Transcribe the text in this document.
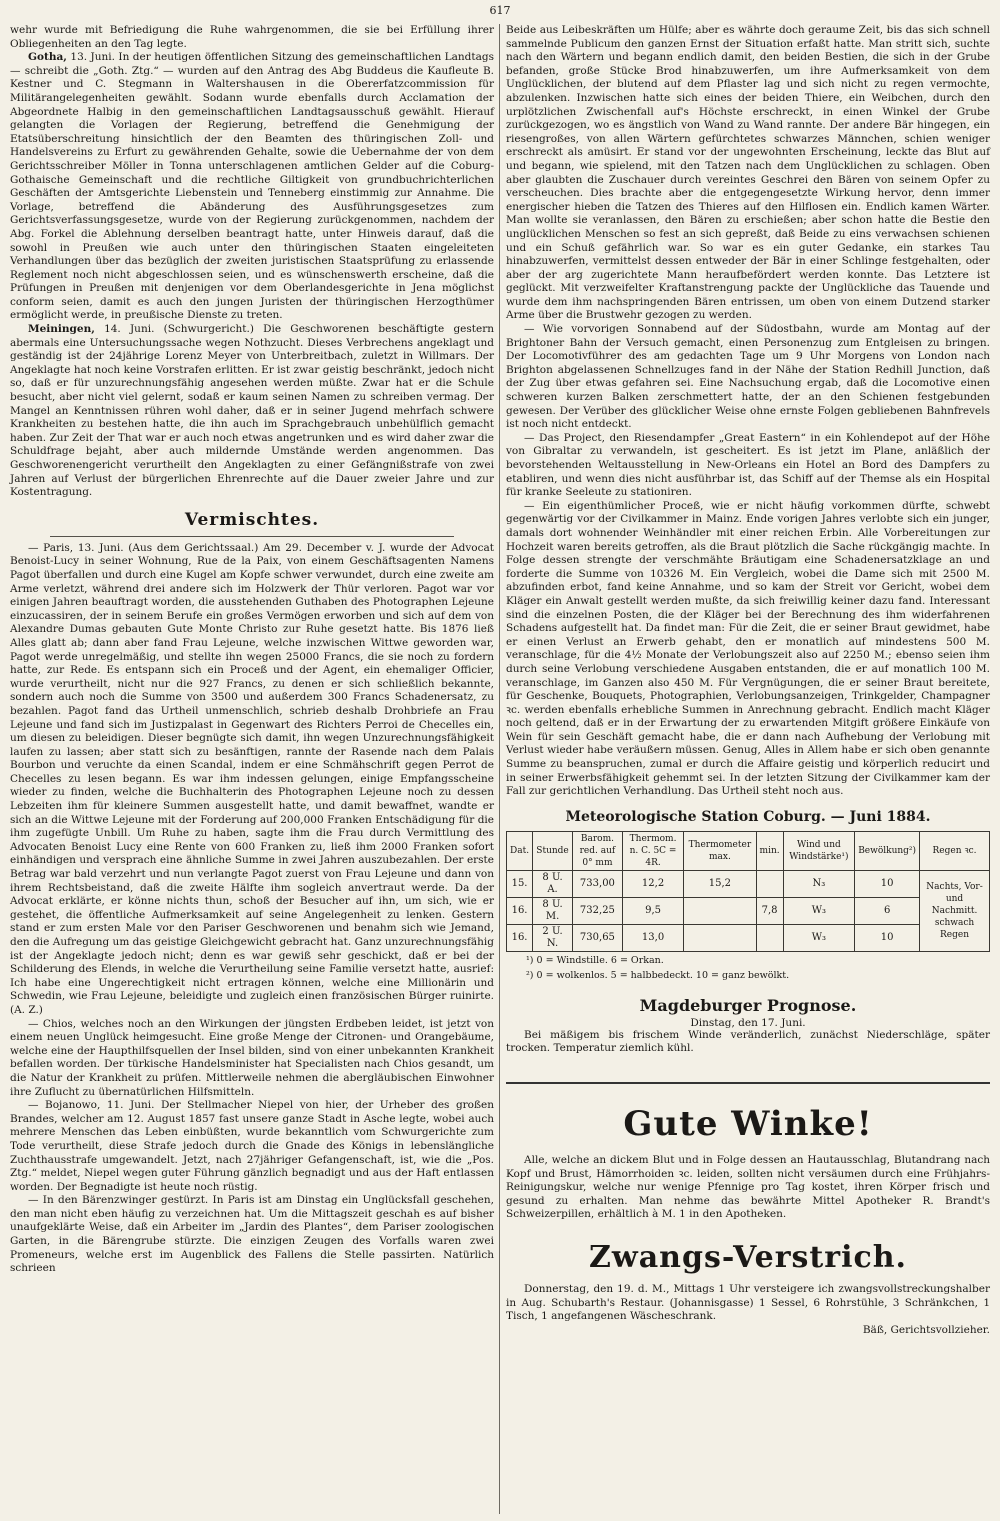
617

wehr wurde mit Befriedigung die Ruhe wahrgenommen, die sie bei Erfüllung ihrer Obliegenheiten an den Tag legte.

Gotha, 13. Juni. In der heutigen öffentlichen Sitzung des gemeinschaftlichen Landtags — schreibt die „Goth. Ztg.“ — wurden auf den Antrag des Abg Buddeus die Kaufleute B. Kestner und C. Stegmann in Waltershausen in die Obererfatzcommission für Militärangelegenheiten gewählt. Sodann wurde ebenfalls durch Acclamation der Abgeordnete Halbig in den gemeinschaftlichen Landtagsausschuß gewählt. Hierauf gelangten die Vorlagen der Regierung, betreffend die Genehmigung der Etatsüberschreitung hinsichtlich der den Beamten des thüringischen Zoll- und Handelsvereins zu Erfurt zu gewährenden Gehalte, sowie die Uebernahme der von dem Gerichtsschreiber Möller in Tonna unterschlagenen amtlichen Gelder auf die Coburg-Gothaische Gemeinschaft und die rechtliche Giltigkeit von grundbuchrichterlichen Geschäften der Amtsgerichte Liebenstein und Tenneberg einstimmig zur Annahme. Die Vorlage, betreffend die Abänderung des Ausführungsgesetzes zum Gerichtsverfassungsgesetze, wurde von der Regierung zurückgenommen, nachdem der Abg. Forkel die Ablehnung derselben beantragt hatte, unter Hinweis darauf, daß die sowohl in Preußen wie auch unter den thüringischen Staaten eingeleiteten Verhandlungen über das bezüglich der zweiten juristischen Staatsprüfung zu erlassende Reglement noch nicht abgeschlossen seien, und es wünschenswerth erscheine, daß die Prüfungen in Preußen mit denjenigen vor dem Oberlandesgerichte in Jena möglichst conform seien, damit es auch den jungen Juristen der thüringischen Herzogthümer ermöglicht werde, in preußische Dienste zu treten.

Meiningen, 14. Juni. (Schwurgericht.) Die Geschworenen beschäftigte gestern abermals eine Untersuchungssache wegen Nothzucht. Dieses Verbrechens angeklagt und geständig ist der 24jährige Lorenz Meyer von Unterbreitbach, zuletzt in Willmars. Der Angeklagte hat noch keine Vorstrafen erlitten. Er ist zwar geistig beschränkt, jedoch nicht so, daß er für unzurechnungsfähig angesehen werden müßte. Zwar hat er die Schule besucht, aber nicht viel gelernt, sodaß er kaum seinen Namen zu schreiben vermag. Der Mangel an Kenntnissen rühren wohl daher, daß er in seiner Jugend mehrfach schwere Krankheiten zu bestehen hatte, die ihn auch im Sprachgebrauch unbehülflich gemacht haben. Zur Zeit der That war er auch noch etwas angetrunken und es wird daher zwar die Schuldfrage bejaht, aber auch mildernde Umstände werden angenommen. Das Geschworenengericht verurtheilt den Angeklagten zu einer Gefängnißstrafe von zwei Jahren auf Verlust der bürgerlichen Ehrenrechte auf die Dauer zweier Jahre und zur Kostentragung.

Vermischtes.

— Paris, 13. Juni. (Aus dem Gerichtssaal.) Am 29. December v. J. wurde der Advocat Benoist-Lucy in seiner Wohnung, Rue de la Paix, von einem Geschäftsagenten Namens Pagot überfallen und durch eine Kugel am Kopfe schwer verwundet, durch eine zweite am Arme verletzt, während drei andere sich im Holzwerk der Thür verloren. Pagot war vor einigen Jahren beauftragt worden, die ausstehenden Guthaben des Photographen Lejeune einzucassiren, der in seinem Berufe ein großes Vermögen erworben und sich auf dem von Alexandre Dumas gebauten Gute Monte Christo zur Ruhe gesetzt hatte. Bis 1876 ließ Alles glatt ab; dann aber fand Frau Lejeune, welche inzwischen Wittwe geworden war, Pagot werde unregelmäßig, und stellte ihn wegen 25000 Francs, die sie noch zu fordern hatte, zur Rede. Es entspann sich ein Proceß und der Agent, ein ehemaliger Officier, wurde verurtheilt, nicht nur die 927 Francs, zu denen er sich schließlich bekannte, sondern auch noch die Summe von 3500 und außerdem 300 Francs Schadenersatz, zu bezahlen. Pagot fand das Urtheil unmenschlich, schrieb deshalb Drohbriefe an Frau Lejeune und fand sich im Justizpalast in Gegenwart des Richters Perroi de Checelles ein, um diesen zu beleidigen. Dieser begnügte sich damit, ihn wegen Unzurechnungsfähigkeit laufen zu lassen; aber statt sich zu besänftigen, rannte der Rasende nach dem Palais Bourbon und veruchte da einen Scandal, indem er eine Schmähschrift gegen Perrot de Checelles zu lesen begann. Es war ihm indessen gelungen, einige Empfangsscheine wieder zu finden, welche die Buchhalterin des Photographen Lejeune noch zu dessen Lebzeiten ihm für kleinere Summen ausgestellt hatte, und damit bewaffnet, wandte er sich an die Wittwe Lejeune mit der Forderung auf 200,000 Franken Entschädigung für die ihm zugefügte Unbill. Um Ruhe zu haben, sagte ihm die Frau durch Vermittlung des Advocaten Benoist Lucy eine Rente von 600 Franken zu, ließ ihm 2000 Franken sofort einhändigen und versprach eine ähnliche Summe in zwei Jahren auszubezahlen. Der erste Betrag war bald verzehrt und nun verlangte Pagot zuerst von Frau Lejeune und dann von ihrem Rechtsbeistand, daß die zweite Hälfte ihm sogleich anvertraut werde. Da der Advocat erklärte, er könne nichts thun, schoß der Besucher auf ihn, um sich, wie er gestehet, die öffentliche Aufmerksamkeit auf seine Angelegenheit zu lenken. Gestern stand er zum ersten Male vor den Pariser Geschworenen und benahm sich wie Jemand, den die Aufregung um das geistige Gleichgewicht gebracht hat. Ganz unzurechnungsfähig ist der Angeklagte jedoch nicht; denn es war gewiß sehr geschickt, daß er bei der Schilderung des Elends, in welche die Verurtheilung seine Familie versetzt hatte, ausrief: Ich habe eine Ungerechtigkeit nicht ertragen können, welche eine Millionärin und Schwedin, wie Frau Lejeune, beleidigte und zugleich einen französischen Bürger ruinirte. (A. Z.)

— Chios, welches noch an den Wirkungen der jüngsten Erdbeben leidet, ist jetzt von einem neuen Unglück heimgesucht. Eine große Menge der Citronen- und Orangebäume, welche eine der Haupthilfsquellen der Insel bilden, sind von einer unbekannten Krankheit befallen worden. Der türkische Handelsminister hat Specialisten nach Chios gesandt, um die Natur der Krankheit zu prüfen. Mittlerweile nehmen die abergläubischen Einwohner ihre Zuflucht zu übernatürlichen Hilfsmitteln.

— Bojanowo, 11. Juni. Der Stellmacher Niepel von hier, der Urheber des großen Brandes, welcher am 12. August 1857 fast unsere ganze Stadt in Asche legte, wobei auch mehrere Menschen das Leben einbüßten, wurde bekanntlich vom Schwurgerichte zum Tode verurtheilt, diese Strafe jedoch durch die Gnade des Königs in lebenslängliche Zuchthausstrafe umgewandelt. Jetzt, nach 27jähriger Gefangenschaft, ist, wie die „Pos. Ztg.“ meldet, Niepel wegen guter Führung gänzlich begnadigt und aus der Haft entlassen worden. Der Begnadigte ist heute noch rüstig.

— In den Bärenzwinger gestürzt. In Paris ist am Dinstag ein Unglücksfall geschehen, den man nicht eben häufig zu verzeichnen hat. Um die Mittagszeit geschah es auf bisher unaufgeklärte Weise, daß ein Arbeiter im „Jardin des Plantes“, dem Pariser zoologischen Garten, in die Bärengrube stürzte. Die einzigen Zeugen des Vorfalls waren zwei Promeneurs, welche erst im Augenblick des Fallens die Stelle passirten. Natürlich schrieen

Beide aus Leibeskräften um Hülfe; aber es währte doch geraume Zeit, bis das sich schnell sammelnde Publicum den ganzen Ernst der Situation erfaßt hatte. Man stritt sich, suchte nach den Wärtern und begann endlich damit, den beiden Bestien, die sich in der Grube befanden, große Stücke Brod hinabzuwerfen, um ihre Aufmerksamkeit von dem Unglücklichen, der blutend auf dem Pflaster lag und sich nicht zu regen vermochte, abzulenken. Inzwischen hatte sich eines der beiden Thiere, ein Weibchen, durch den urplötzlichen Zwischenfall auf's Höchste erschreckt, in einen Winkel der Grube zurückgezogen, wo es ängstlich von Wand zu Wand rannte. Der andere Bär hingegen, ein riesengroßes, von allen Wärtern gefürchtetes schwarzes Männchen, schien weniger erschreckt als amüsirt. Er stand vor der ungewohnten Erscheinung, leckte das Blut auf und begann, wie spielend, mit den Tatzen nach dem Unglücklichen zu schlagen. Oben aber glaubten die Zuschauer durch vereintes Geschrei den Bären von seinem Opfer zu verscheuchen. Dies brachte aber die entgegengesetzte Wirkung hervor, denn immer energischer hieben die Tatzen des Thieres auf den Hilflosen ein. Endlich kamen Wärter. Man wollte sie veranlassen, den Bären zu erschießen; aber schon hatte die Bestie den unglücklichen Menschen so fest an sich gepreßt, daß Beide zu eins verwachsen schienen und ein Schuß gefährlich war. So war es ein guter Gedanke, ein starkes Tau hinabzuwerfen, vermittelst dessen entweder der Bär in einer Schlinge festgehalten, oder aber der arg zugerichtete Mann heraufbefördert werden konnte. Das Letztere ist geglückt. Mit verzweifelter Kraftanstrengung packte der Unglückliche das Tauende und wurde dem ihm nachspringenden Bären entrissen, um oben von einem Dutzend starker Arme über die Brustwehr gezogen zu werden.

— Wie vorvorigen Sonnabend auf der Südostbahn, wurde am Montag auf der Brightoner Bahn der Versuch gemacht, einen Personenzug zum Entgleisen zu bringen. Der Locomotivführer des am gedachten Tage um 9 Uhr Morgens von London nach Brighton abgelassenen Schnellzuges fand in der Nähe der Station Redhill Junction, daß der Zug über etwas gefahren sei. Eine Nachsuchung ergab, daß die Locomotive einen schweren kurzen Balken zerschmettert hatte, der an den Schienen festgebunden gewesen. Der Verüber des glücklicher Weise ohne ernste Folgen gebliebenen Bahnfrevels ist noch nicht entdeckt.

— Das Project, den Riesendampfer „Great Eastern“ in ein Kohlendepot auf der Höhe von Gibraltar zu verwandeln, ist gescheitert. Es ist jetzt im Plane, anläßlich der bevorstehenden Weltausstellung in New-Orleans ein Hotel an Bord des Dampfers zu etabliren, und wenn dies nicht ausführbar ist, das Schiff auf der Themse als ein Hospital für kranke Seeleute zu stationiren.

— Ein eigenthümlicher Proceß, wie er nicht häufig vorkommen dürfte, schwebt gegenwärtig vor der Civilkammer in Mainz. Ende vorigen Jahres verlobte sich ein junger, damals dort wohnender Weinhändler mit einer reichen Erbin. Alle Vorbereitungen zur Hochzeit waren bereits getroffen, als die Braut plötzlich die Sache rückgängig machte. In Folge dessen strengte der verschmähte Bräutigam eine Schadenersatzklage an und forderte die Summe von 10326 M. Ein Vergleich, wobei die Dame sich mit 2500 M. abzufinden erbot, fand keine Annahme, und so kam der Streit vor Gericht, wobei dem Kläger ein Anwalt gestellt werden mußte, da sich freiwillig keiner dazu fand. Interessant sind die einzelnen Posten, die der Kläger bei der Berechnung des ihm widerfahrenen Schadens aufgestellt hat. Da findet man: Für die Zeit, die er seiner Braut gewidmet, habe er einen Verlust an Erwerb gehabt, den er monatlich auf mindestens 500 M. veranschlage, für die 4½ Monate der Verlobungszeit also auf 2250 M.; ebenso seien ihm durch seine Verlobung verschiedene Ausgaben entstanden, die er auf monatlich 100 M. veranschlage, im Ganzen also 450 M. Für Vergnügungen, die er seiner Braut bereitete, für Geschenke, Bouquets, Photographien, Verlobungsanzeigen, Trinkgelder, Champagner ꝛc. werden ebenfalls erhebliche Summen in Anrechnung gebracht. Endlich macht Kläger noch geltend, daß er in der Erwartung der zu erwartenden Mitgift größere Einkäufe von Wein für sein Geschäft gemacht habe, die er dann nach Aufhebung der Verlobung mit Verlust wieder habe veräußern müssen. Genug, Alles in Allem habe er sich oben genannte Summe zu beanspruchen, zumal er durch die Affaire geistig und körperlich reducirt und in seiner Erwerbsfähigkeit gehemmt sei. In der letzten Sitzung der Civilkammer kam der Fall zur gerichtlichen Verhandlung. Das Urtheil steht noch aus.

Meteorologische Station Coburg. — Juni 1884.
Dat.	Stunde	Barom. red. auf 0° mm	Thermom. n. C. 5C = 4R.	Thermometer max.	min.	Wind und Windstärke¹)	Bewölkung²)	Regen ꝛc.
15.	8 U. A.	733,00	12,2	15,2		N₃	10	Nachts, Vor- und Nachmitt. schwach Regen
16.	8 U. M.	732,25	9,5		7,8	W₃	6	
16.	2 U. N.	730,65	13,0			W₃	10	
¹) 0 = Windstille. 6 = Orkan.
²) 0 = wolkenlos. 5 = halbbedeckt. 10 = ganz bewölkt.
Magdeburger Prognose.
Dinstag, den 17. Juni.

Bei mäßigem bis frischem Winde veränderlich, zunächst Niederschläge, später trocken. Temperatur ziemlich kühl.

Gute Winke!

Alle, welche an dickem Blut und in Folge dessen an Hautausschlag, Blutandrang nach Kopf und Brust, Hämorrhoiden ꝛc. leiden, sollten nicht versäumen durch eine Frühjahrs-Reinigungskur, welche nur wenige Pfennige pro Tag kostet, ihren Körper frisch und gesund zu erhalten. Man nehme das bewährte Mittel Apotheker R. Brandt's Schweizerpillen, erhältlich à M. 1 in den Apotheken.

Zwangs-Verstrich.

Donnerstag, den 19. d. M., Mittags 1 Uhr versteigere ich zwangsvollstreckungshalber in Aug. Schubarth's Restaur. (Johannisgasse) 1 Sessel, 6 Rohrstühle, 3 Schränkchen, 1 Tisch, 1 angefangenen Wäscheschrank.

Bäß, Gerichtsvollzieher.
